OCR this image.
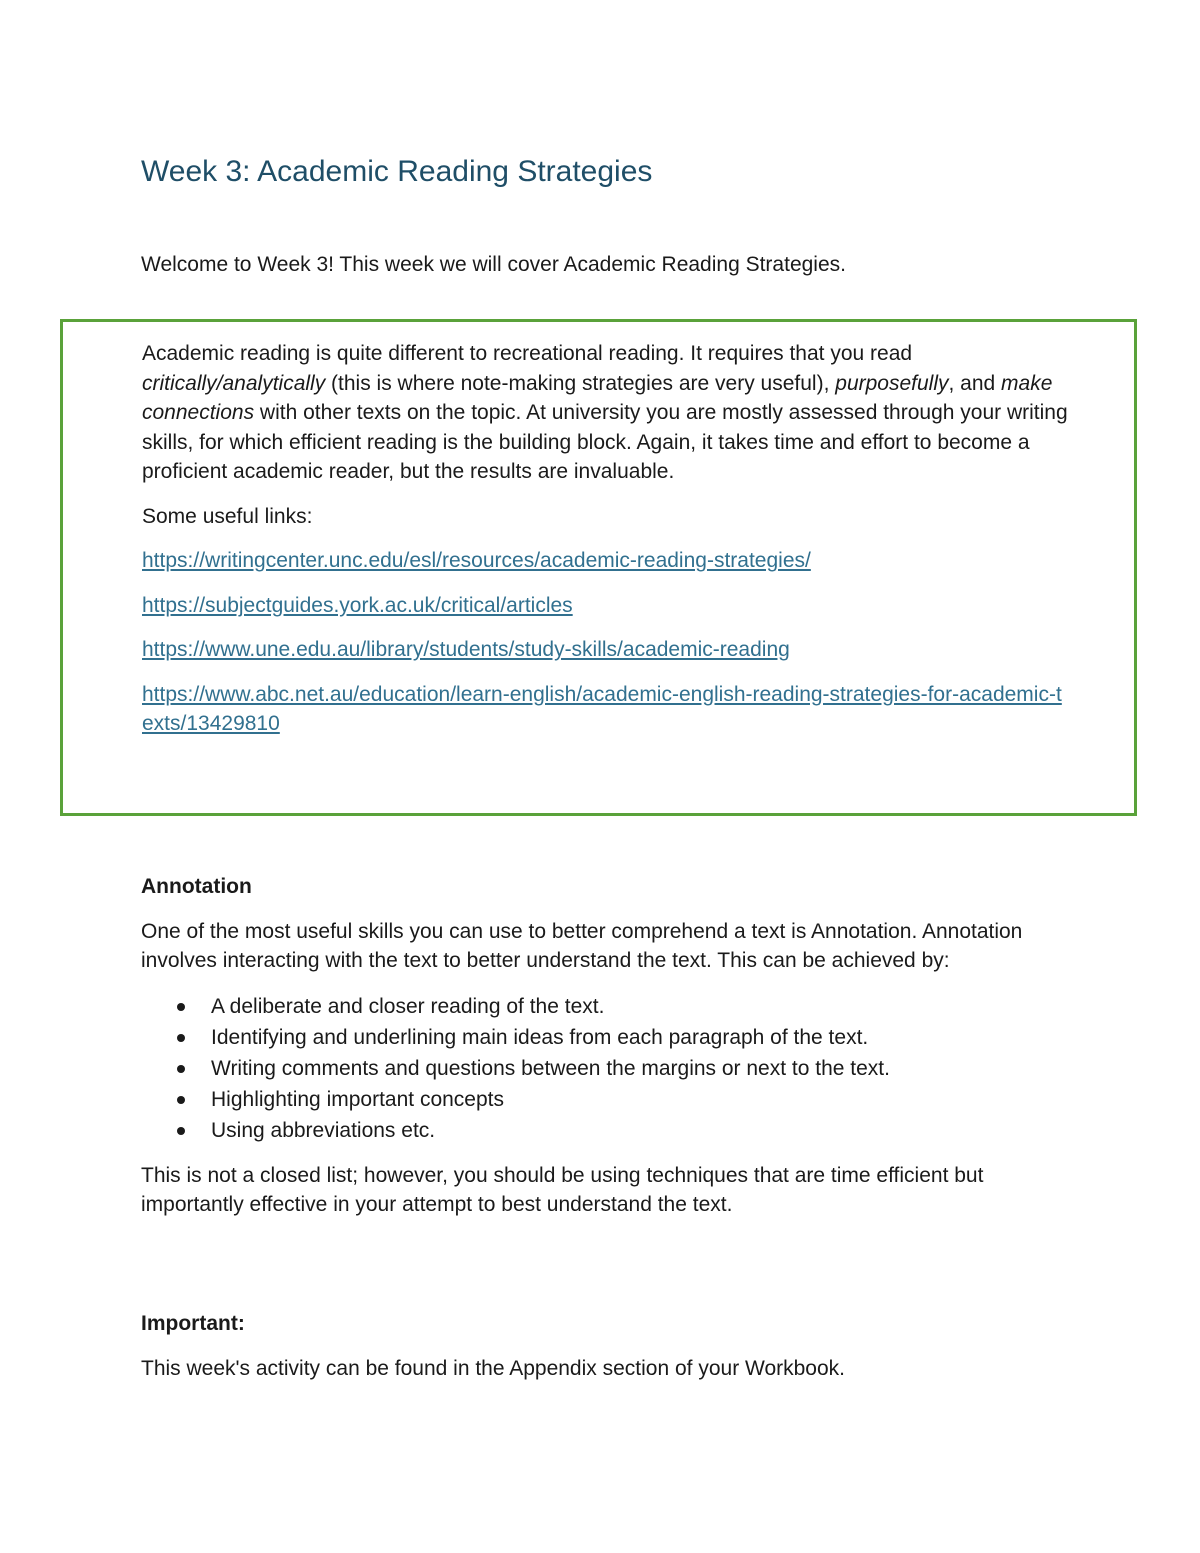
Week 3: Academic Reading Strategies

Welcome to Week 3! This week we will cover Academic Reading Strategies.

Academic reading is quite different to recreational reading. It requires that you read critically/analytically (this is where note-making strategies are very useful), purposefully, and make connections with other texts on the topic. At university you are mostly assessed through your writing skills, for which efficient reading is the building block. Again, it takes time and effort to become a proficient academic reader, but the results are invaluable.

Some useful links:

https://writingcenter.unc.edu/esl/resources/academic-reading-strategies/
https://subjectguides.york.ac.uk/critical/articles
https://www.une.edu.au/library/students/study-skills/academic-reading
https://www.abc.net.au/education/learn-english/academic-english-reading-strategies-for-academic-texts/13429810

Annotation

One of the most useful skills you can use to better comprehend a text is Annotation. Annotation involves interacting with the text to better understand the text. This can be achieved by:

A deliberate and closer reading of the text.
Identifying and underlining main ideas from each paragraph of the text.
Writing comments and questions between the margins or next to the text.
Highlighting important concepts
Using abbreviations etc.

This is not a closed list; however, you should be using techniques that are time efficient but importantly effective in your attempt to best understand the text.

Important:

This week's activity can be found in the Appendix section of your Workbook.
